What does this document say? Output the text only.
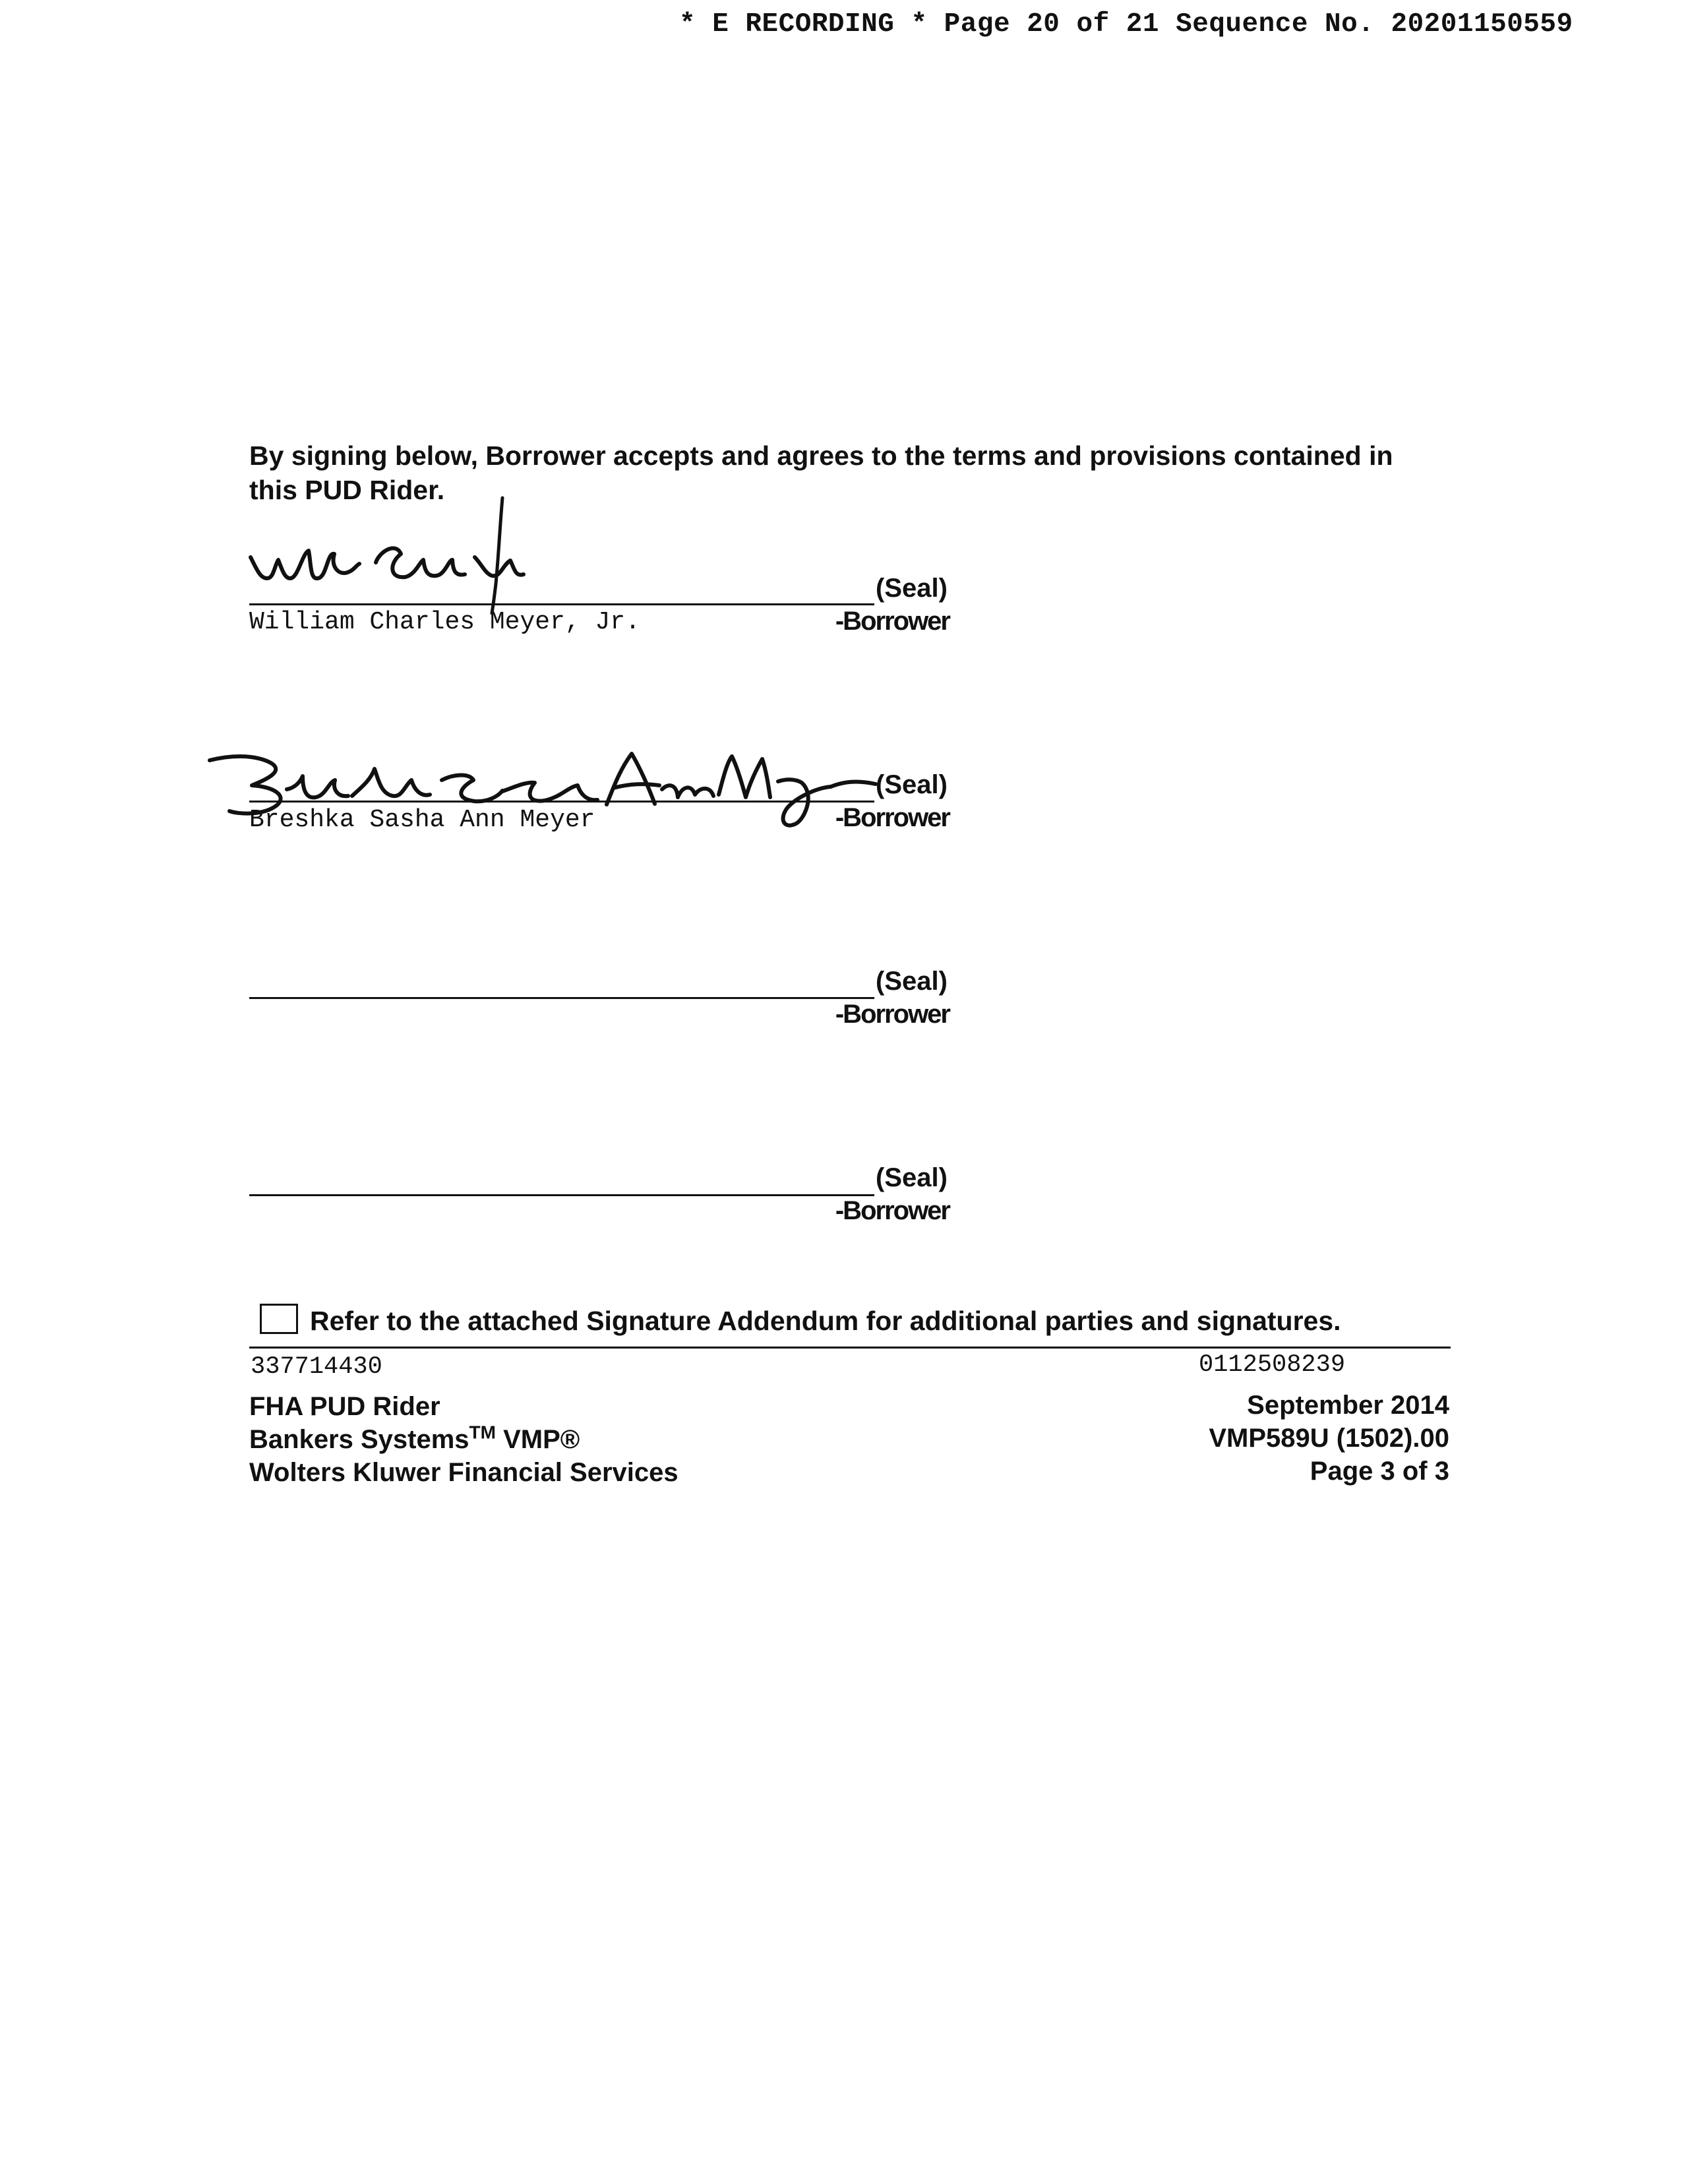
* E RECORDING * Page 20 of 21 Sequence No. 20201150559
By signing below, Borrower accepts and agrees to the terms and provisions contained in this PUD Rider.
(Seal)
-Borrower
William Charles Meyer, Jr.
(Seal)
-Borrower
Breshka Sasha Ann Meyer
(Seal)
-Borrower
(Seal)
-Borrower
Refer to the attached Signature Addendum for additional parties and signatures.
337714430	0112508239
FHA PUD Rider
Bankers Systems™ VMP®
Wolters Kluwer Financial Services
September 2014
VMP589U (1502).00
Page 3 of 3
